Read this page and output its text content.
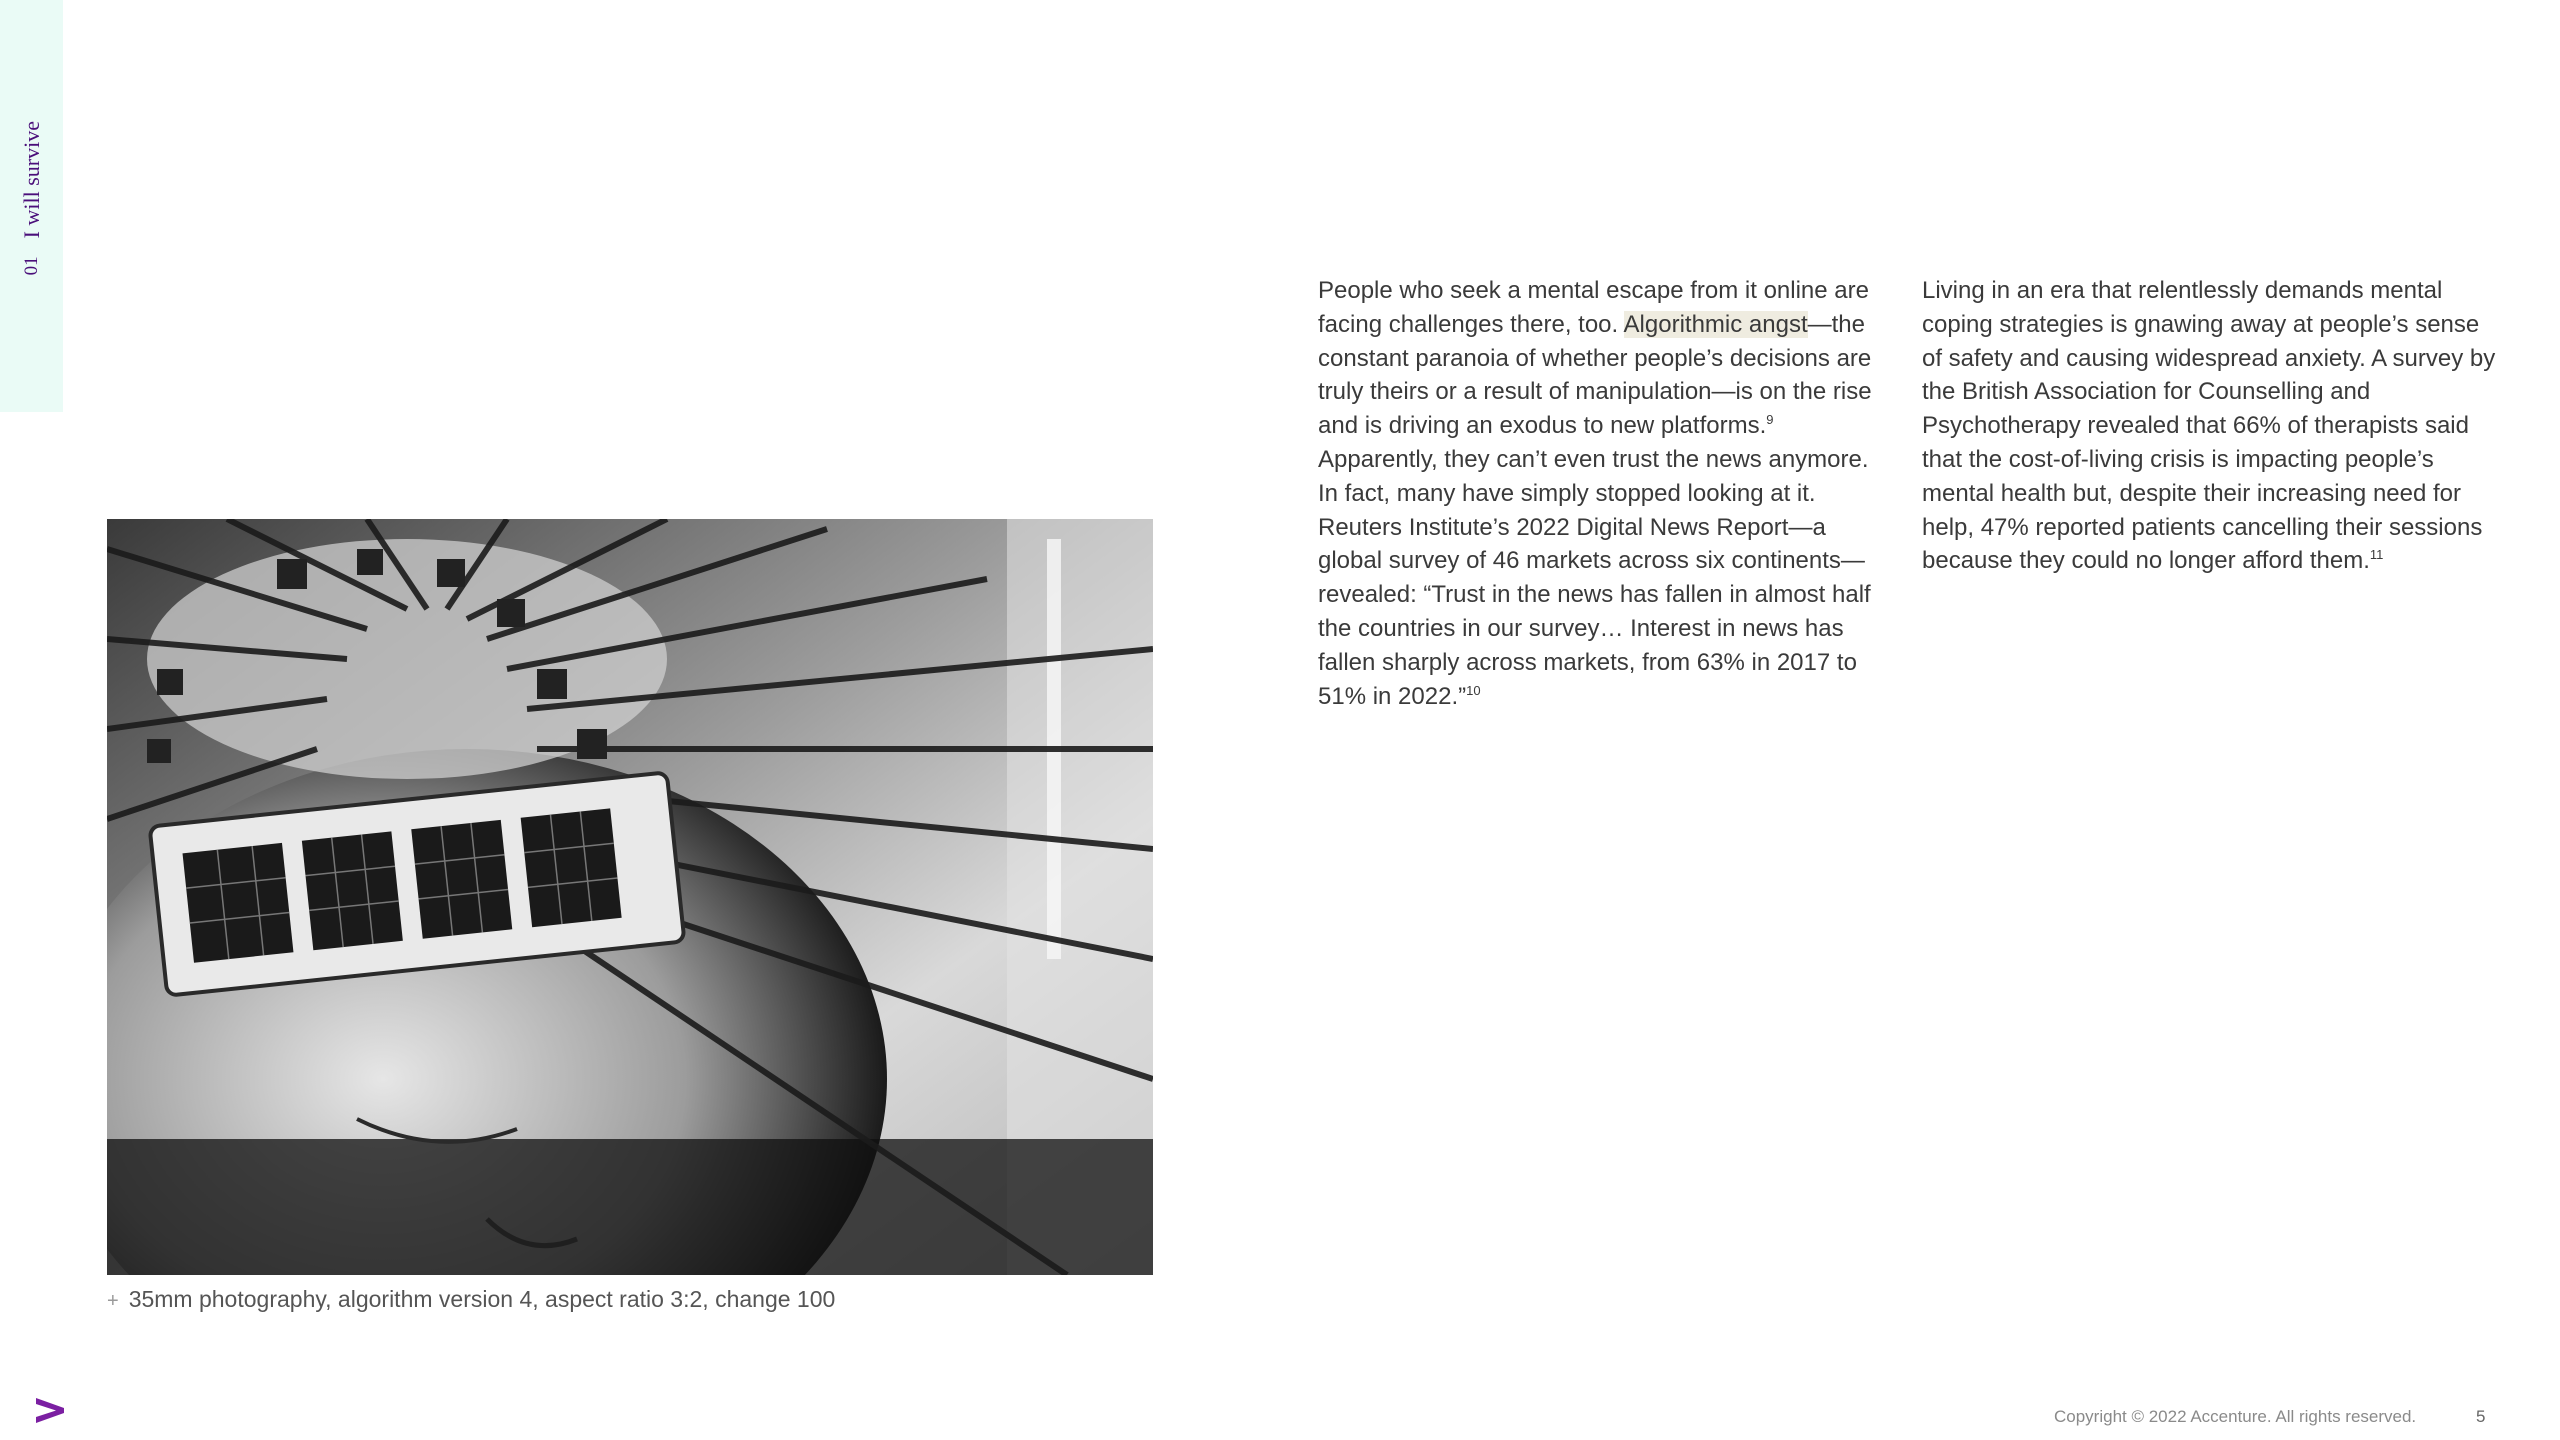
01
I will survive
+ 35mm photography, algorithm version 4, aspect ratio 3:2, change 100
People who seek a mental escape from it online are facing challenges there, too. Algorithmic angst—the constant paranoia of whether people’s decisions are truly theirs or a result of manipulation—is on the rise and is driving an exodus to new platforms.$^9$ Apparently, they can’t even trust the news anymore. In fact, many have simply stopped looking at it. Reuters Institute’s 2022 Digital News Report—a global survey of 46 markets across six continents—revealed: “Trust in the news has fallen in almost half the countries in our survey… Interest in news has fallen sharply across markets, from 63% in 2017 to 51% in 2022.”$^{10}$
Living in an era that relentlessly demands mental coping strategies is gnawing away at people’s sense of safety and causing widespread anxiety. A survey by the British Association for Counselling and Psychotherapy revealed that 66% of therapists said that the cost-of-living crisis is impacting people’s mental health but, despite their increasing need for help, 47% reported patients cancelling their sessions because they could no longer afford them.$^{11}$
Copyright © 2022 Accenture. All rights reserved.	5
